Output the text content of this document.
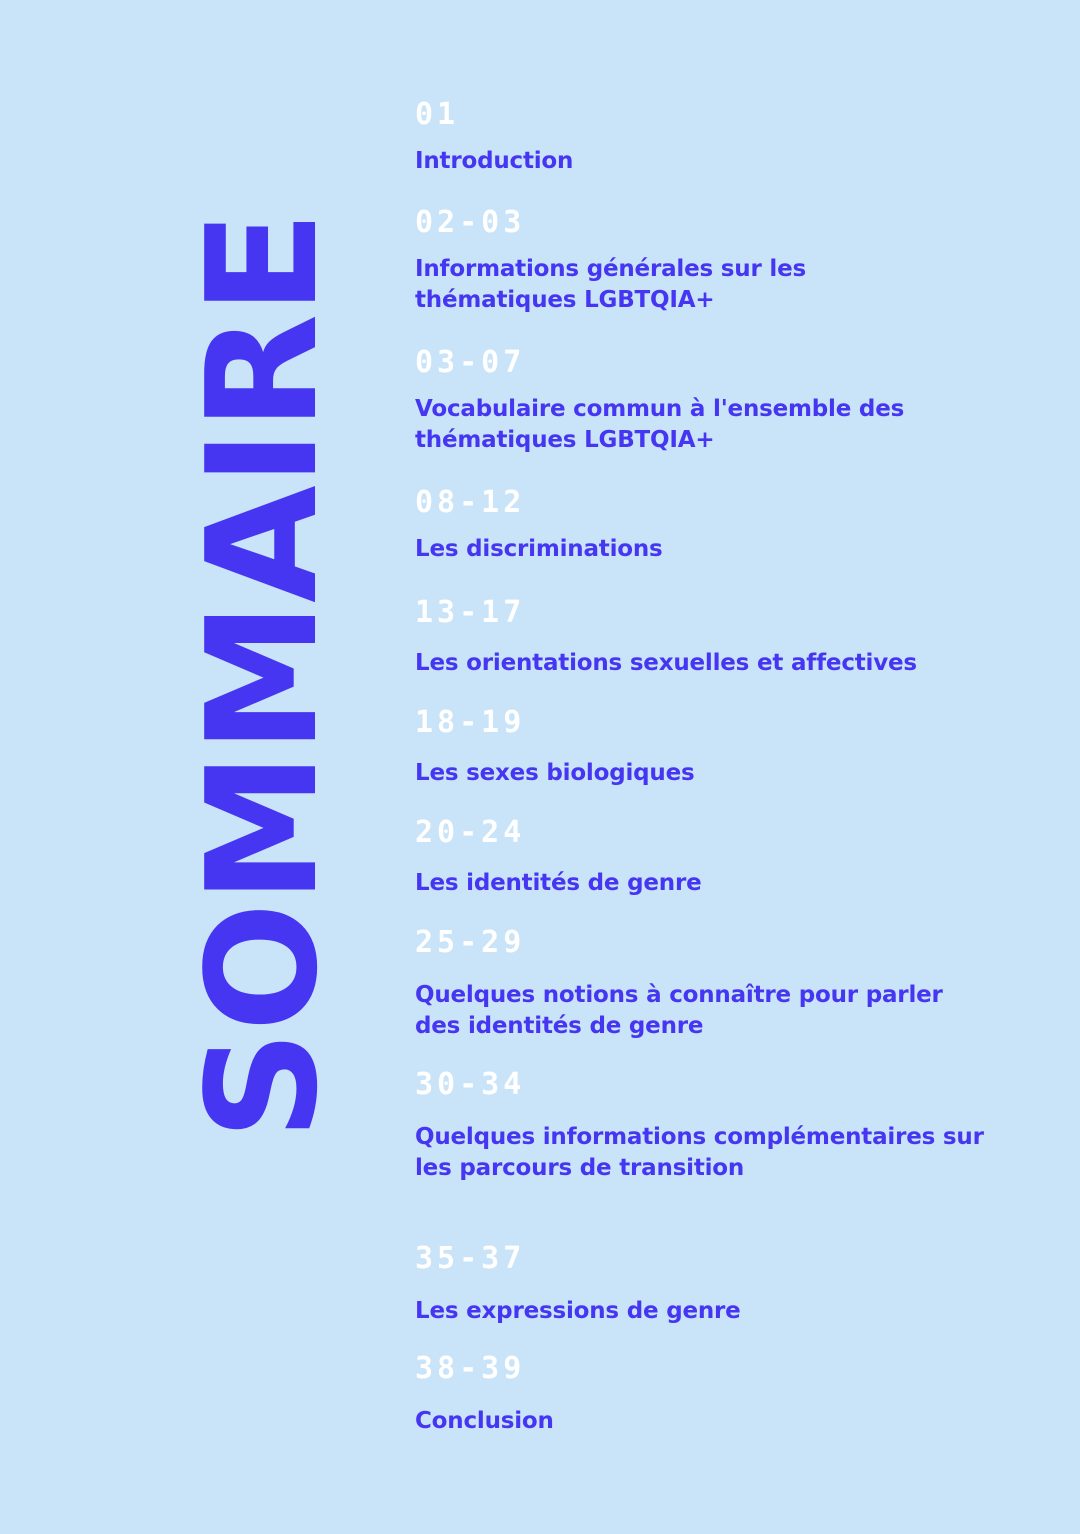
SOMMAIRE
01
Introduction
02-03
Informations générales sur les thématiques LGBTQIA+
03-07
Vocabulaire commun à l'ensemble des thématiques LGBTQIA+
08-12
Les discriminations
13-17
Les orientations sexuelles et affectives
18-19
Les sexes biologiques
20-24
Les identités de genre
25-29
Quelques notions à connaître pour parler des identités de genre
30-34
Quelques informations complémentaires sur les parcours de transition
35-37
Les expressions de genre
38-39
Conclusion
